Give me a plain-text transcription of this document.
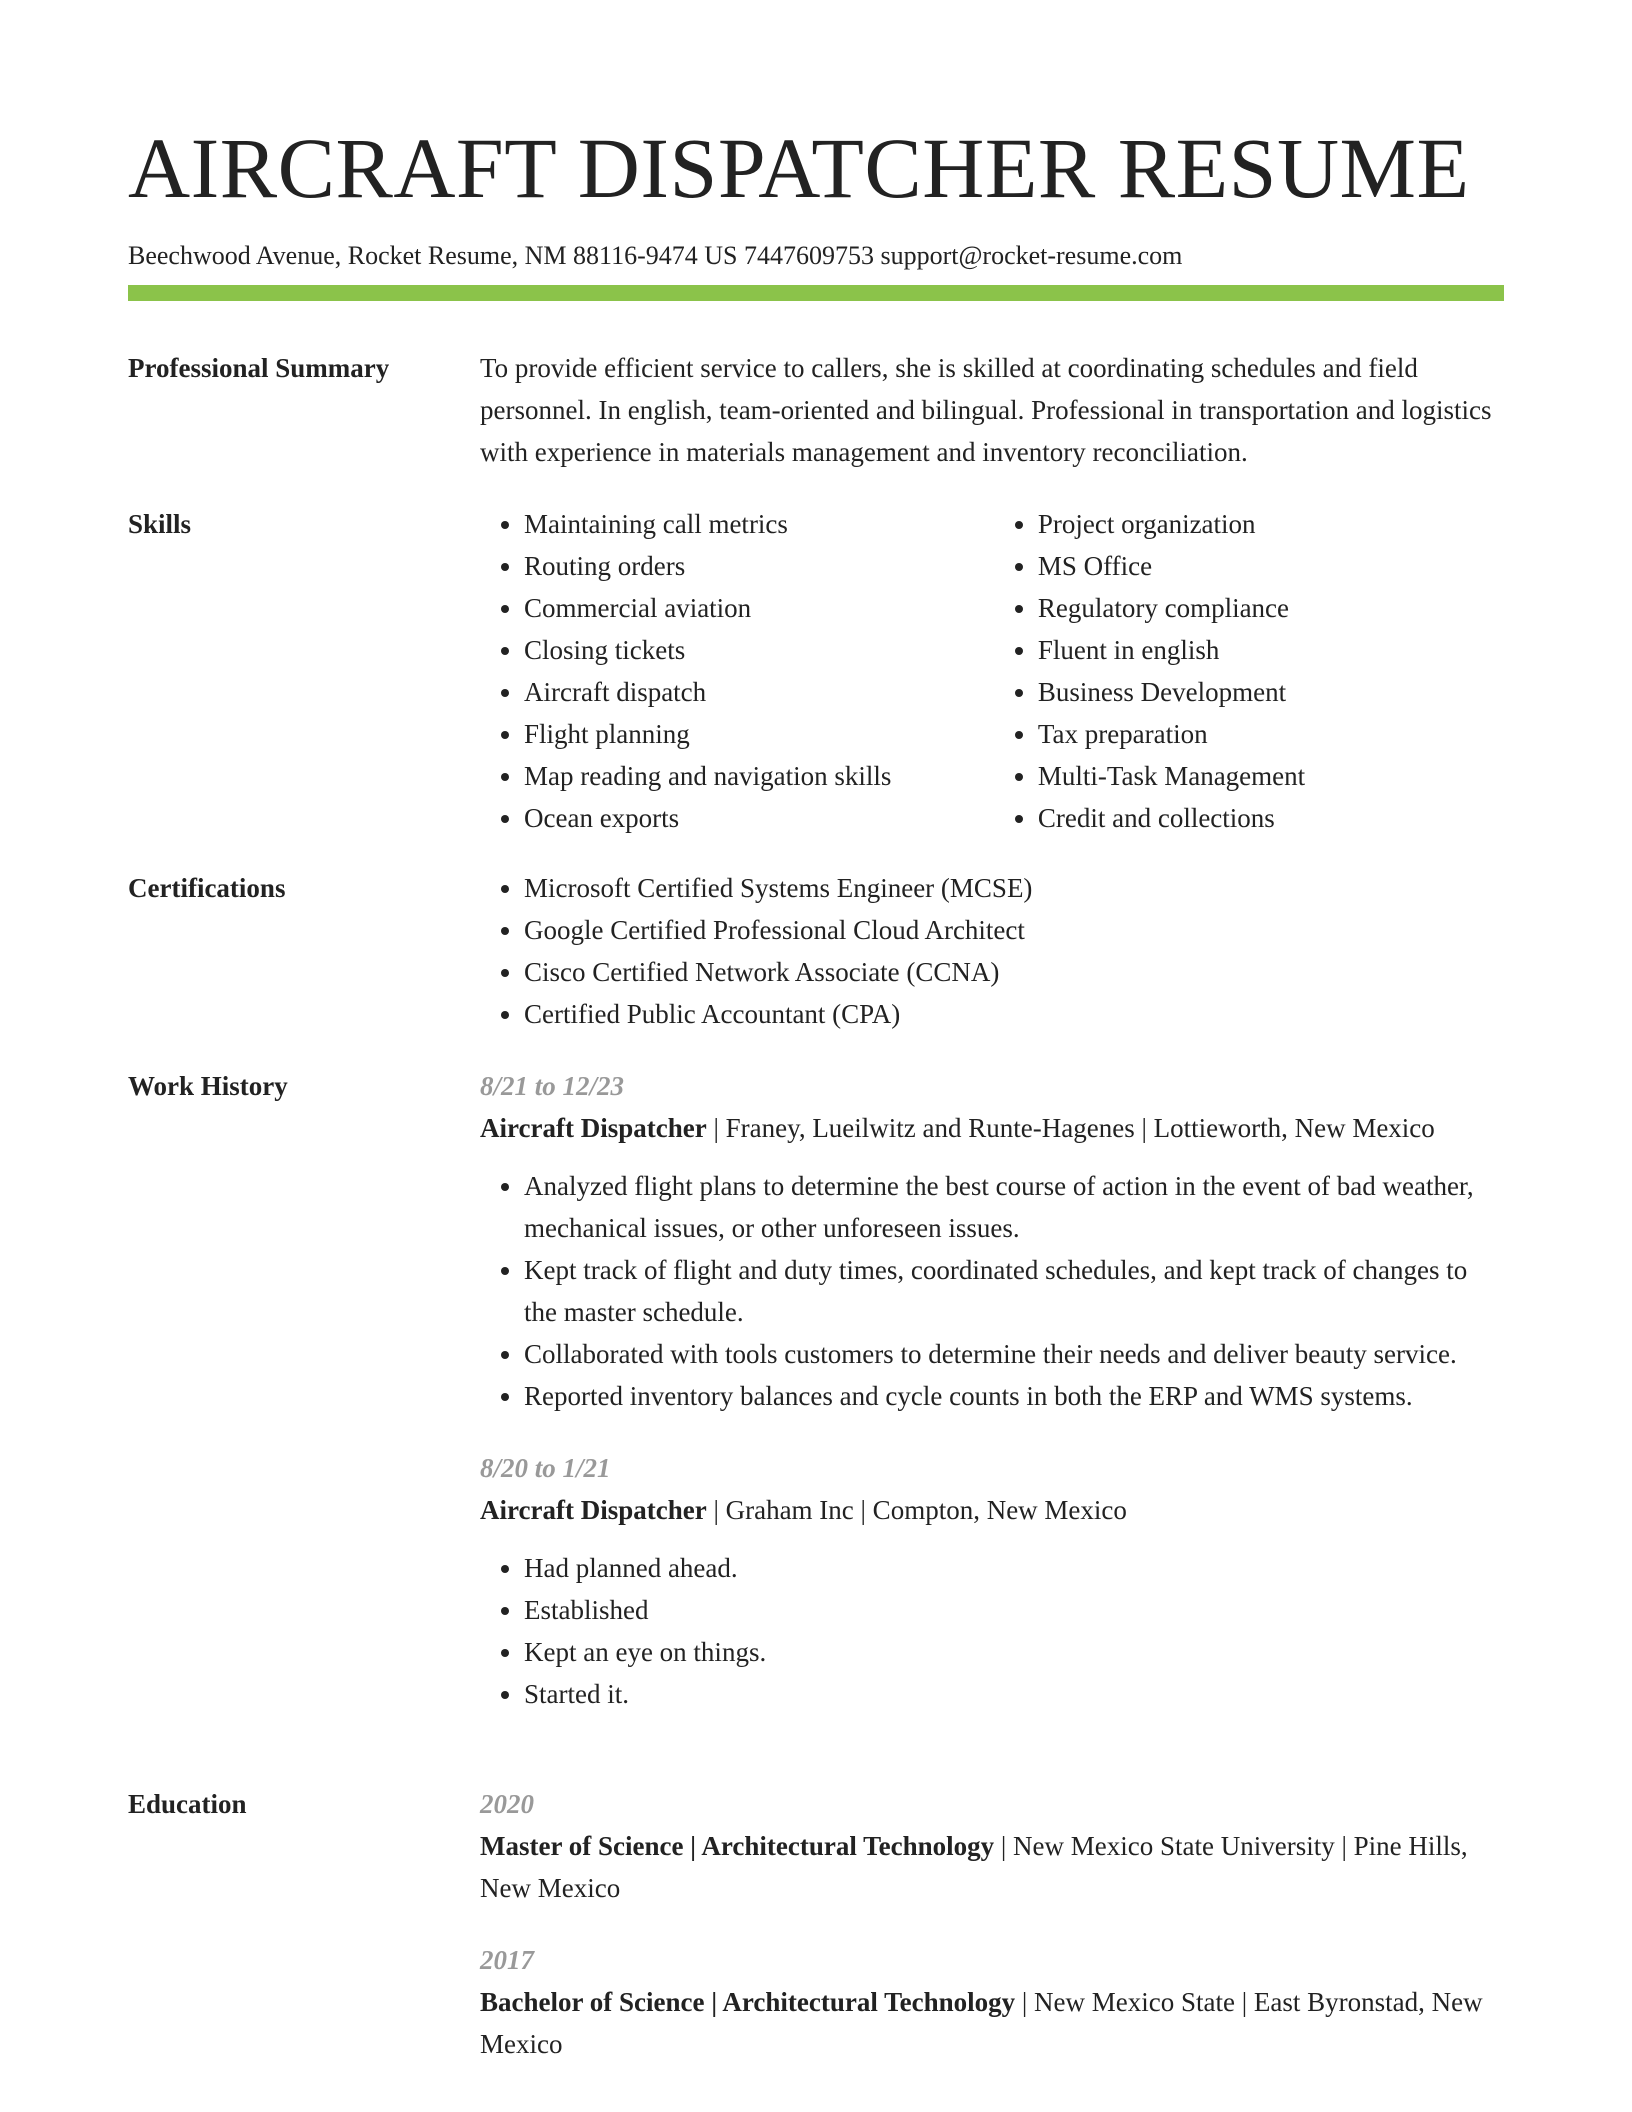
AIRCRAFT DISPATCHER RESUME
Beechwood Avenue, Rocket Resume, NM 88116-9474 US 7447609753 support@rocket-resume.com
Professional Summary	To provide efficient service to callers, she is skilled at coordinating schedules and field personnel. In english, team-oriented and bilingual. Professional in transportation and logistics with experience in materials management and inventory reconciliation.

Skills	• Maintaining call metrics
• Routing orders
• Commercial aviation
• Closing tickets
• Aircraft dispatch
• Flight planning
• Map reading and navigation skills
• Ocean exports
• Project organization
• MS Office
• Regulatory compliance
• Fluent in english
• Business Development
• Tax preparation
• Multi-Task Management
• Credit and collections
Certifications	• Microsoft Certified Systems Engineer (MCSE)
• Google Certified Professional Cloud Architect
• Cisco Certified Network Associate (CCNA)
• Certified Public Accountant (CPA)
Work History	8/21 to 12/23
Aircraft Dispatcher | Franey, Lueilwitz and Runte-Hagenes | Lottieworth, New Mexico
• Analyzed flight plans to determine the best course of action in the event of bad weather, mechanical issues, or other unforeseen issues.
• Kept track of flight and duty times, coordinated schedules, and kept track of changes to the master schedule.
• Collaborated with tools customers to determine their needs and deliver beauty service.
• Reported inventory balances and cycle counts in both the ERP and WMS systems.
8/20 to 1/21
Aircraft Dispatcher | Graham Inc | Compton, New Mexico
• Had planned ahead.
• Established
• Kept an eye on things.
• Started it.
Education	2020
Master of Science | Architectural Technology | New Mexico State University | Pine Hills, New Mexico
2017
Bachelor of Science | Architectural Technology | New Mexico State | East Byronstad, New Mexico
